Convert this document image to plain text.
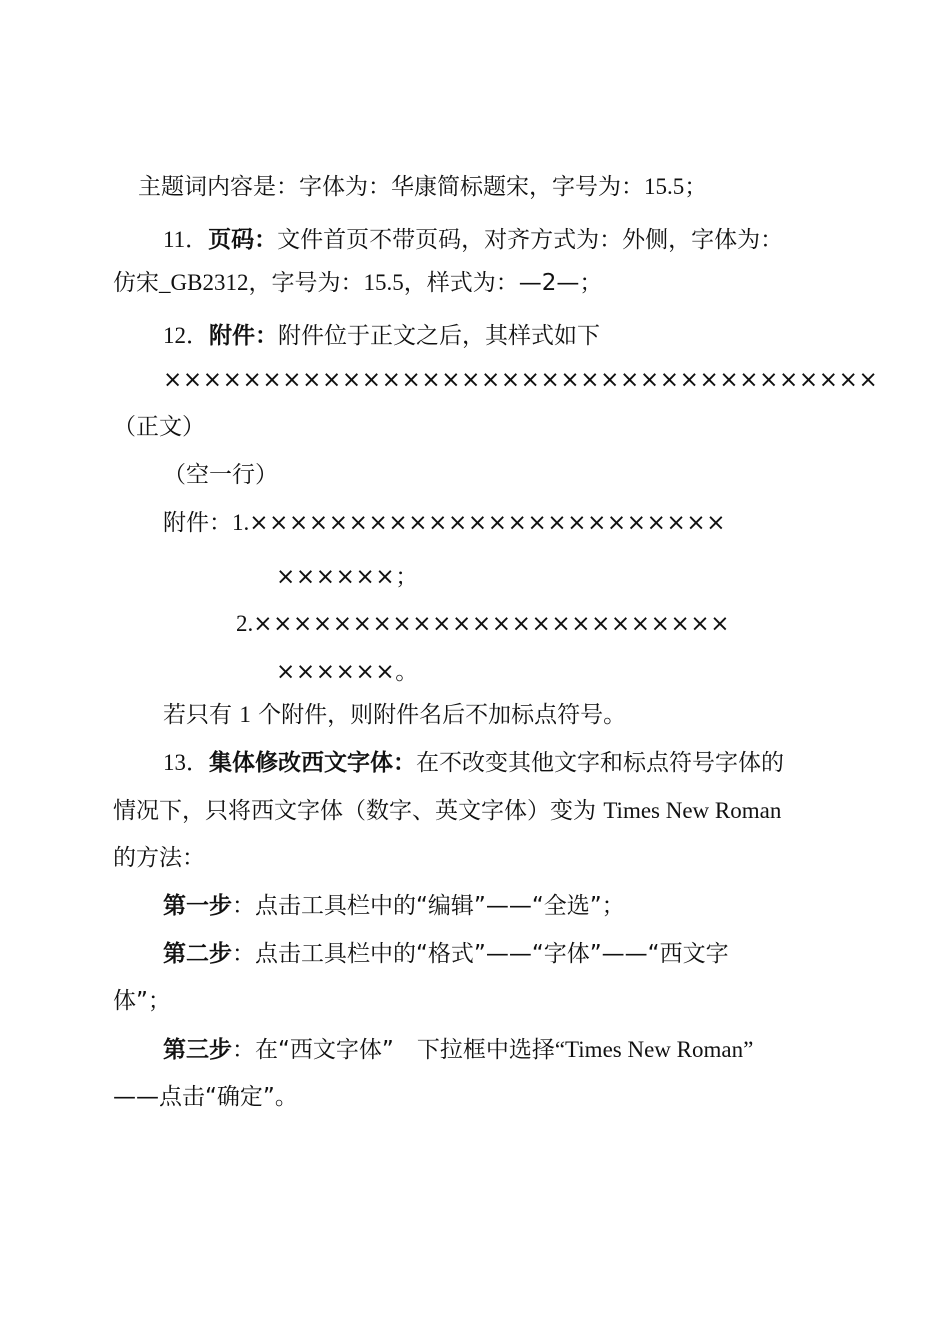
主题词内容是：字体为：华康简标题宋，字号为：15.5；
11．页码：文件首页不带页码，对齐方式为：外侧，字体为：
仿宋_GB2312，字号为：15.5，样式为：—2—；
12．附件：附件位于正文之后，其样式如下
××××××××××××××××××××××××××××××××××××
（正文）
（空一行）
附件：1.××××××××××××××××××××××××
××××××；
2.××××××××××××××××××××××××
××××××。
若只有 1 个附件，则附件名后不加标点符号。
13．集体修改西文字体：在不改变其他文字和标点符号字体的
情况下，只将西文字体（数字、英文字体）变为 Times New Roman
的方法：
第一步：点击工具栏中的“编辑”——“全选”；
第二步：点击工具栏中的“格式”——“字体”——“西文字
体”；
第三步：在“西文字体”　下拉框中选择“Times New Roman”
——点击“确定”。
